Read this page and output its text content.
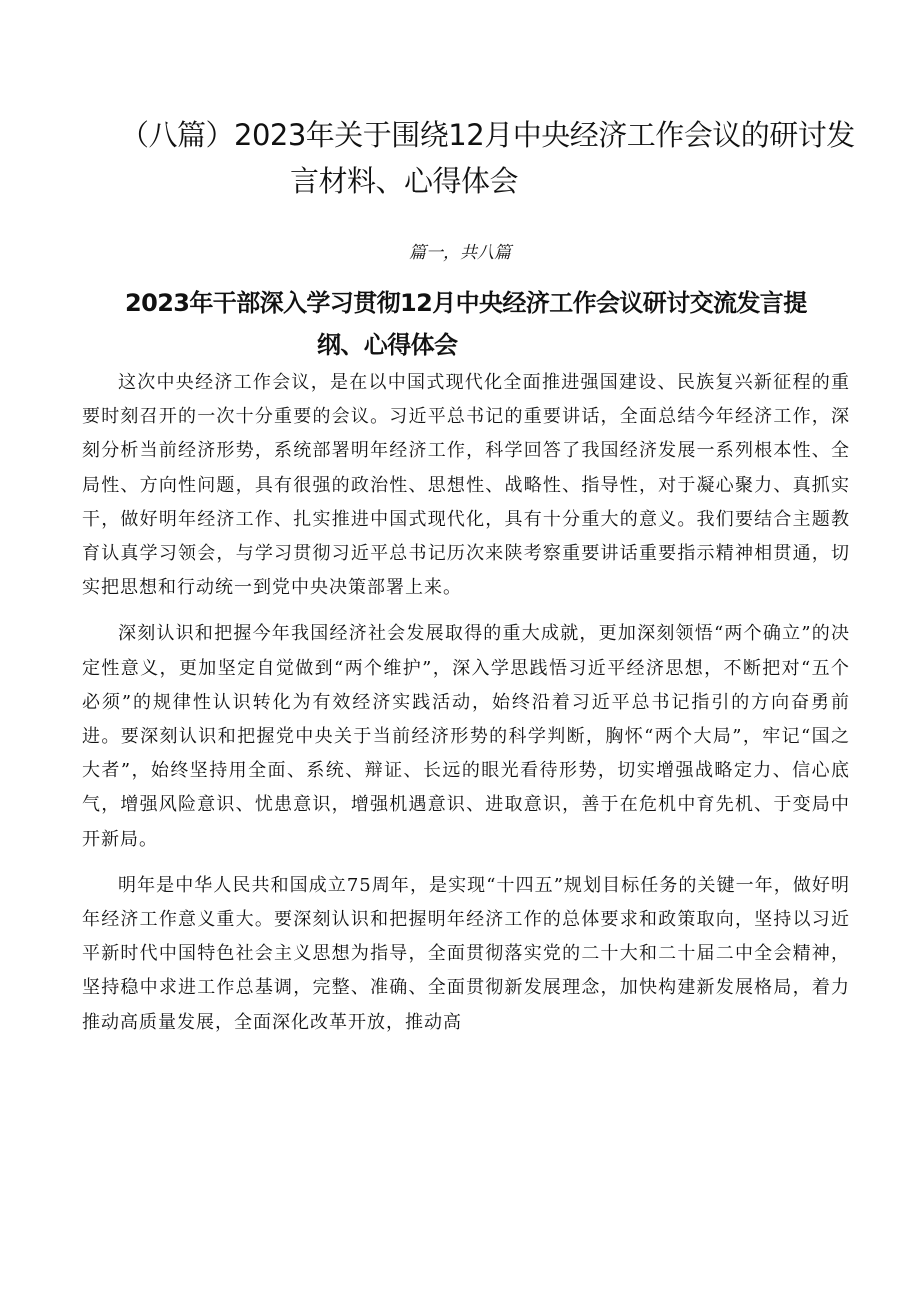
（八篇）2023年关于围绕12月中央经济工作会议的研讨发
言材料、心得体会

篇一，共八篇

2023年干部深入学习贯彻12月中央经济工作会议研讨交流发言提
纲、心得体会

这次中央经济工作会议，是在以中国式现代化全面推进强国建设、民族复兴新征程的重要时刻召开的一次十分重要的会议。习近平总书记的重要讲话，全面总结今年经济工作，深刻分析当前经济形势，系统部署明年经济工作，科学回答了我国经济发展一系列根本性、全局性、方向性问题，具有很强的政治性、思想性、战略性、指导性，对于凝心聚力、真抓实干，做好明年经济工作、扎实推进中国式现代化，具有十分重大的意义。我们要结合主题教育认真学习领会，与学习贯彻习近平总书记历次来陕考察重要讲话重要指示精神相贯通，切实把思想和行动统一到党中央决策部署上来。

深刻认识和把握今年我国经济社会发展取得的重大成就，更加深刻领悟“两个确立”的决定性意义，更加坚定自觉做到“两个维护”，深入学思践悟习近平经济思想，不断把对“五个必须”的规律性认识转化为有效经济实践活动，始终沿着习近平总书记指引的方向奋勇前进。要深刻认识和把握党中央关于当前经济形势的科学判断，胸怀“两个大局”，牢记“国之大者”，始终坚持用全面、系统、辩证、长远的眼光看待形势，切实增强战略定力、信心底气，增强风险意识、忧患意识，增强机遇意识、进取意识，善于在危机中育先机、于变局中开新局。

明年是中华人民共和国成立75周年，是实现“十四五”规划目标任务的关键一年，做好明年经济工作意义重大。要深刻认识和把握明年经济工作的总体要求和政策取向，坚持以习近平新时代中国特色社会主义思想为指导，全面贯彻落实党的二十大和二十届二中全会精神，坚持稳中求进工作总基调，完整、准确、全面贯彻新发展理念，加快构建新发展格局，着力推动高质量发展，全面深化改革开放，推动高
